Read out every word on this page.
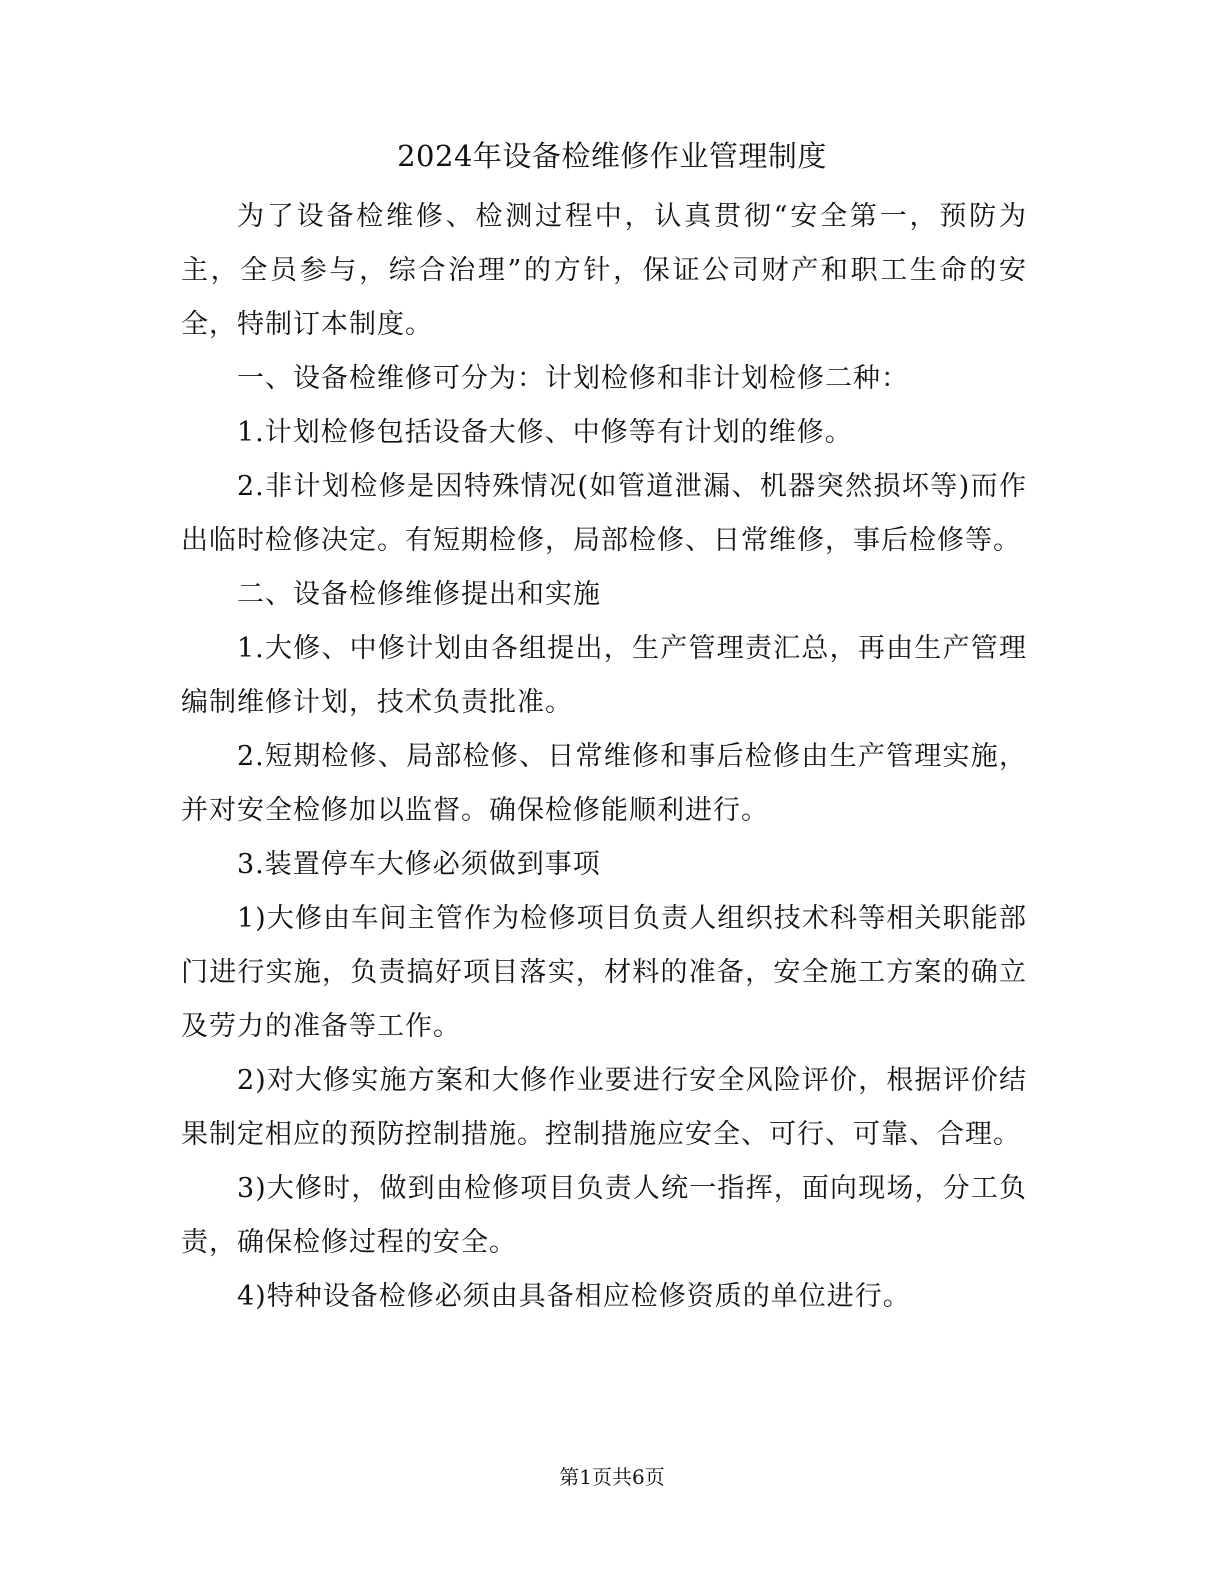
2024年设备检维修作业管理制度

为了设备检维修、检测过程中，认真贯彻“安全第一，预防为主，全员参与，综合治理”的方针，保证公司财产和职工生命的安全，特制订本制度。

一、设备检维修可分为：计划检修和非计划检修二种：

1.计划检修包括设备大修、中修等有计划的维修。

2.非计划检修是因特殊情况(如管道泄漏、机器突然损坏等)而作出临时检修决定。有短期检修，局部检修、日常维修，事后检修等。

二、设备检修维修提出和实施

1.大修、中修计划由各组提出，生产管理责汇总，再由生产管理编制维修计划，技术负责批准。

2.短期检修、局部检修、日常维修和事后检修由生产管理实施，并对安全检修加以监督。确保检修能顺利进行。

3.装置停车大修必须做到事项

1)大修由车间主管作为检修项目负责人组织技术科等相关职能部门进行实施，负责搞好项目落实，材料的准备，安全施工方案的确立及劳力的准备等工作。

2)对大修实施方案和大修作业要进行安全风险评价，根据评价结果制定相应的预防控制措施。控制措施应安全、可行、可靠、合理。

3)大修时，做到由检修项目负责人统一指挥，面向现场，分工负责，确保检修过程的安全。

4)特种设备检修必须由具备相应检修资质的单位进行。

第1页共6页
